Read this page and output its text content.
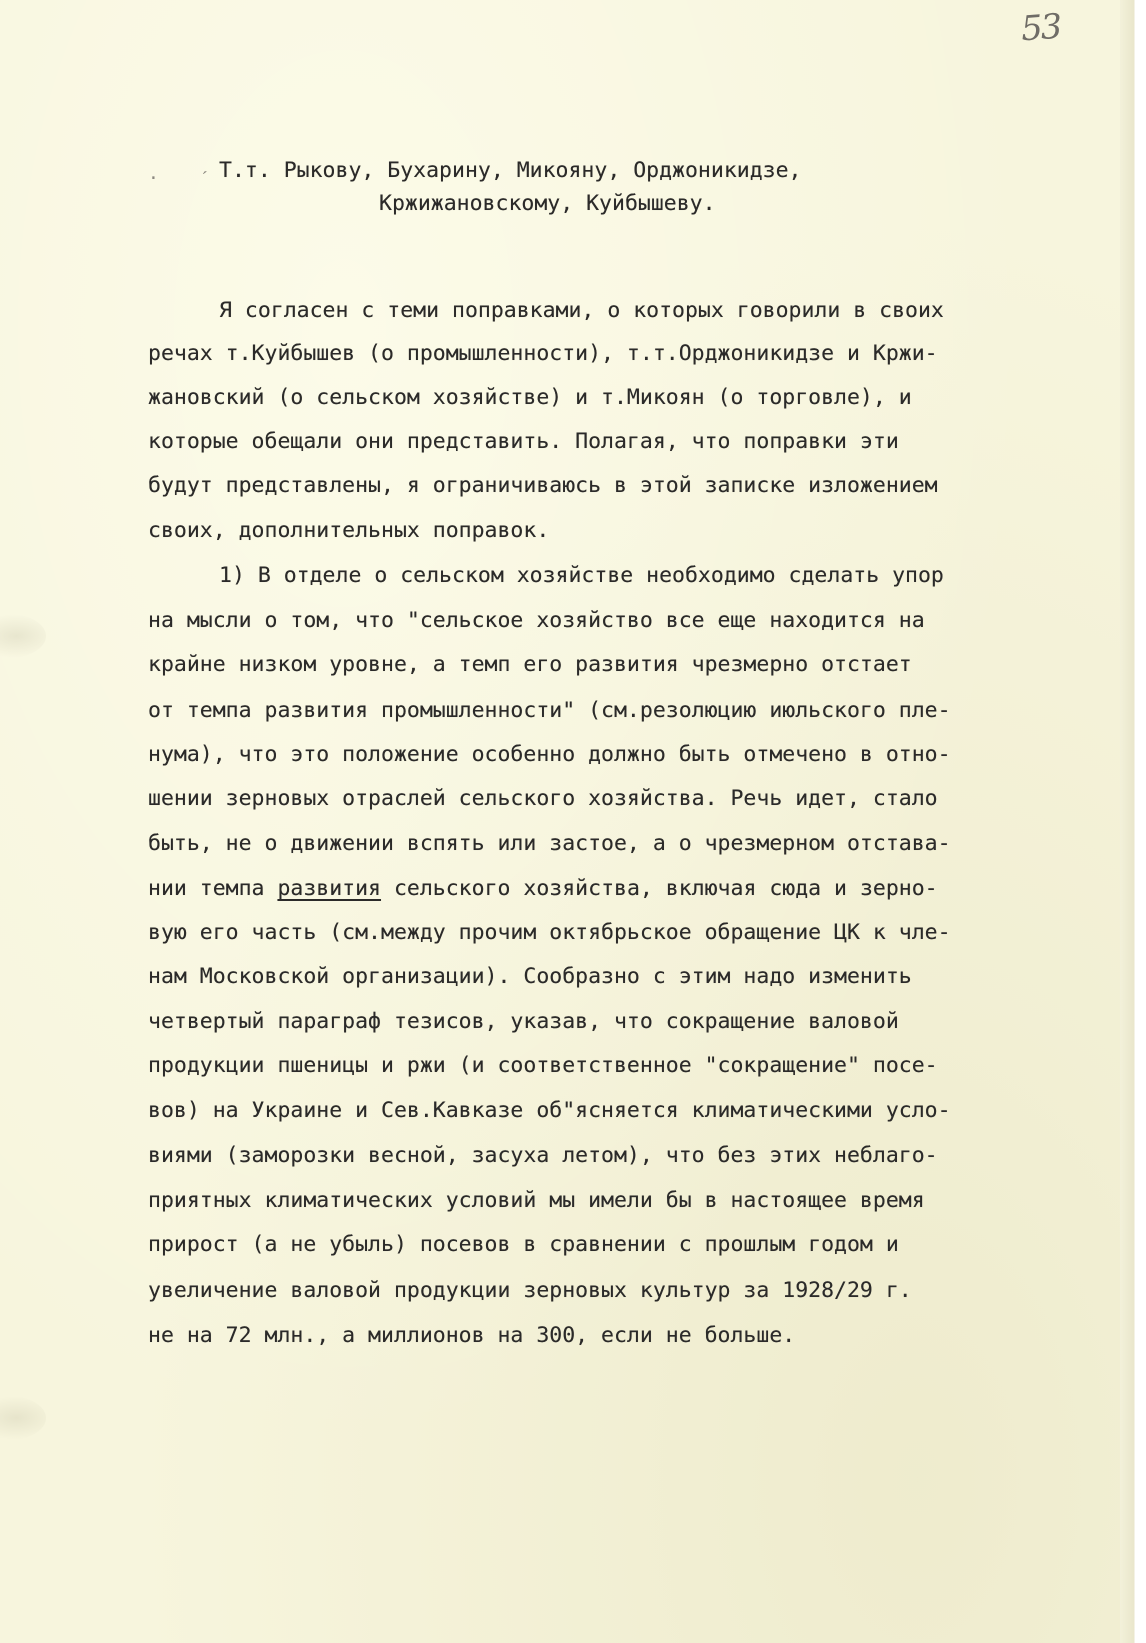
53
· ˊ
Т.т. Рыкову, Бухарину, Микояну, Орджоникидзе,
Кржижановскому, Куйбышеву.
Я согласен с теми поправками, о которых говорили в своих
речах т.Куйбышев (о промышленности), т.т.Орджоникидзе и Кржи-
жановский (о сельском хозяйстве) и т.Микоян (о торговле), и
которые обещали они представить. Полагая, что поправки эти
будут представлены, я ограничиваюсь в этой записке изложением
своих, дополнительных поправок.
1) В отделе о сельском хозяйстве необходимо сделать упор
на мысли о том, что "сельское хозяйство все еще находится на
крайне низком уровне, а темп его развития чрезмерно отстает
от темпа развития промышленности" (см.резолюцию июльского пле-
нума), что это положение особенно должно быть отмечено в отно-
шении зерновых отраслей сельского хозяйства. Речь идет, стало
быть, не о движении вспять или застое, а о чрезмерном отстава-
нии темпа развития сельского хозяйства, включая сюда и зерно-
вую его часть (см.между прочим октябрьское обращение ЦК к чле-
нам Московской организации). Сообразно с этим надо изменить
четвертый параграф тезисов, указав, что сокращение валовой
продукции пшеницы и ржи (и соответственное "сокращение" посе-
вов) на Украине и Сев.Кавказе об"ясняется климатическими усло-
виями (заморозки весной, засуха летом), что без этих неблаго-
приятных климатических условий мы имели бы в настоящее время
прирост (а не убыль) посевов в сравнении с прошлым годом и
увеличение валовой продукции зерновых культур за 1928/29 г.
не на 72 млн., а миллионов на 300, если не больше.
